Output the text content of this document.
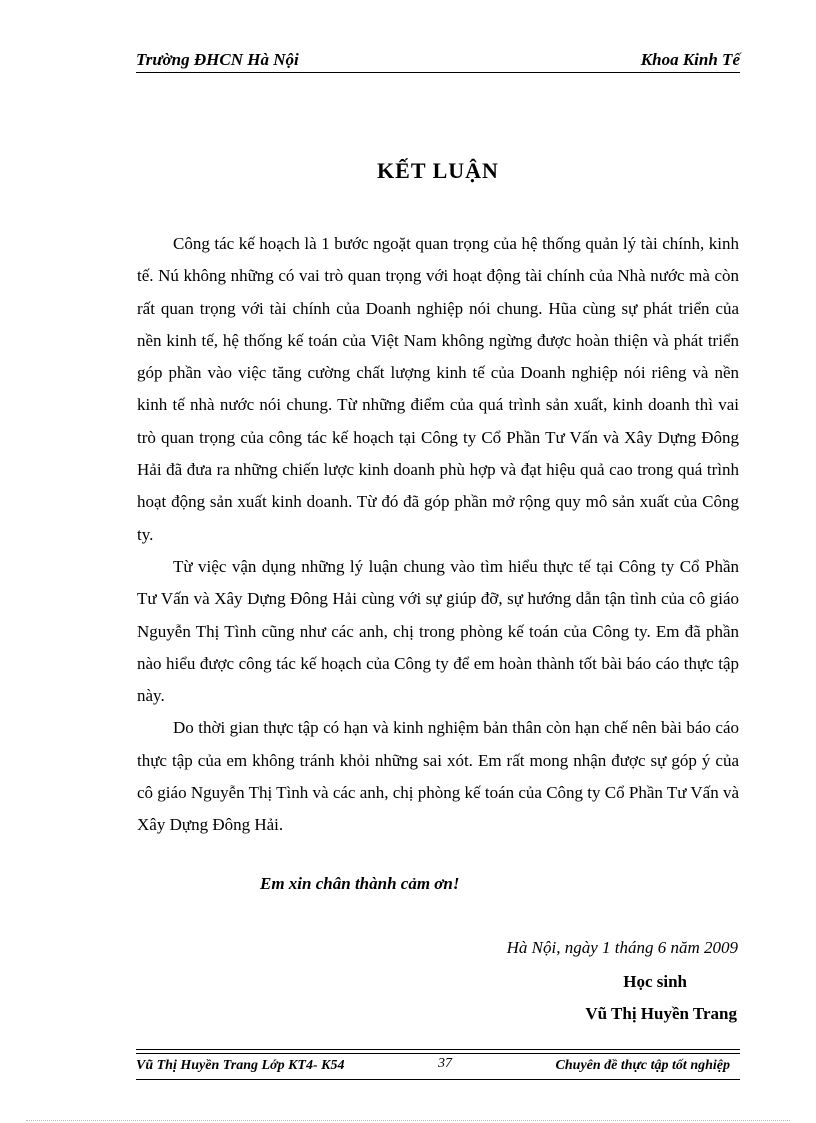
Trường ĐHCN Hà Nội	Khoa Kinh Tế
KẾT LUẬN

Công tác kế hoạch là 1 bước ngoặt quan trọng của hệ thống quản lý tài chính, kinh tế. Nú không những có vai trò quan trọng với hoạt động tài chính của Nhà nước mà còn rất quan trọng với tài chính của Doanh nghiệp nói chung. Hũa cùng sự phát triển của nền kinh tế, hệ thống kế toán của Việt Nam không ngừng được hoàn thiện và phát triển góp phần vào việc tăng cường chất lượng kinh tế của Doanh nghiệp nói riêng và nền kinh tế nhà nước nói chung. Từ những điểm của quá trình sản xuất, kinh doanh thì vai trò quan trọng của công tác kế hoạch tại Công ty Cổ Phần Tư Vấn và Xây Dựng Đông Hải đã đưa ra những chiến lược kinh doanh phù hợp và đạt hiệu quả cao trong quá trình hoạt động sản xuất kinh doanh. Từ đó đã góp phần mở rộng quy mô sản xuất của Công ty.

Từ việc vận dụng những lý luận chung vào tìm hiểu thực tế tại Công ty Cổ Phần Tư Vấn và Xây Dựng Đông Hải cùng với sự giúp đỡ, sự hướng dẫn tận tình của cô giáo Nguyễn Thị Tình cũng như các anh, chị trong phòng kế toán của Công ty. Em đã phần nào hiểu được công tác kế hoạch của Công ty để em hoàn thành tốt bài báo cáo thực tập này.

Do thời gian thực tập có hạn và kinh nghiệm bản thân còn hạn chế nên bài báo cáo thực tập của em không tránh khỏi những sai xót. Em rất mong nhận được sự góp ý của cô giáo Nguyễn Thị Tình và các anh, chị phòng kế toán của Công ty Cổ Phần Tư Vấn và Xây Dựng Đông Hải.

Em xin chân thành cảm ơn!
Hà Nội, ngày 1 tháng 6 năm 2009
Học sinh
Vũ Thị Huyền Trang
Vũ Thị Huyền Trang Lớp KT4- K54	37	Chuyên đề thực tập tốt nghiệp
